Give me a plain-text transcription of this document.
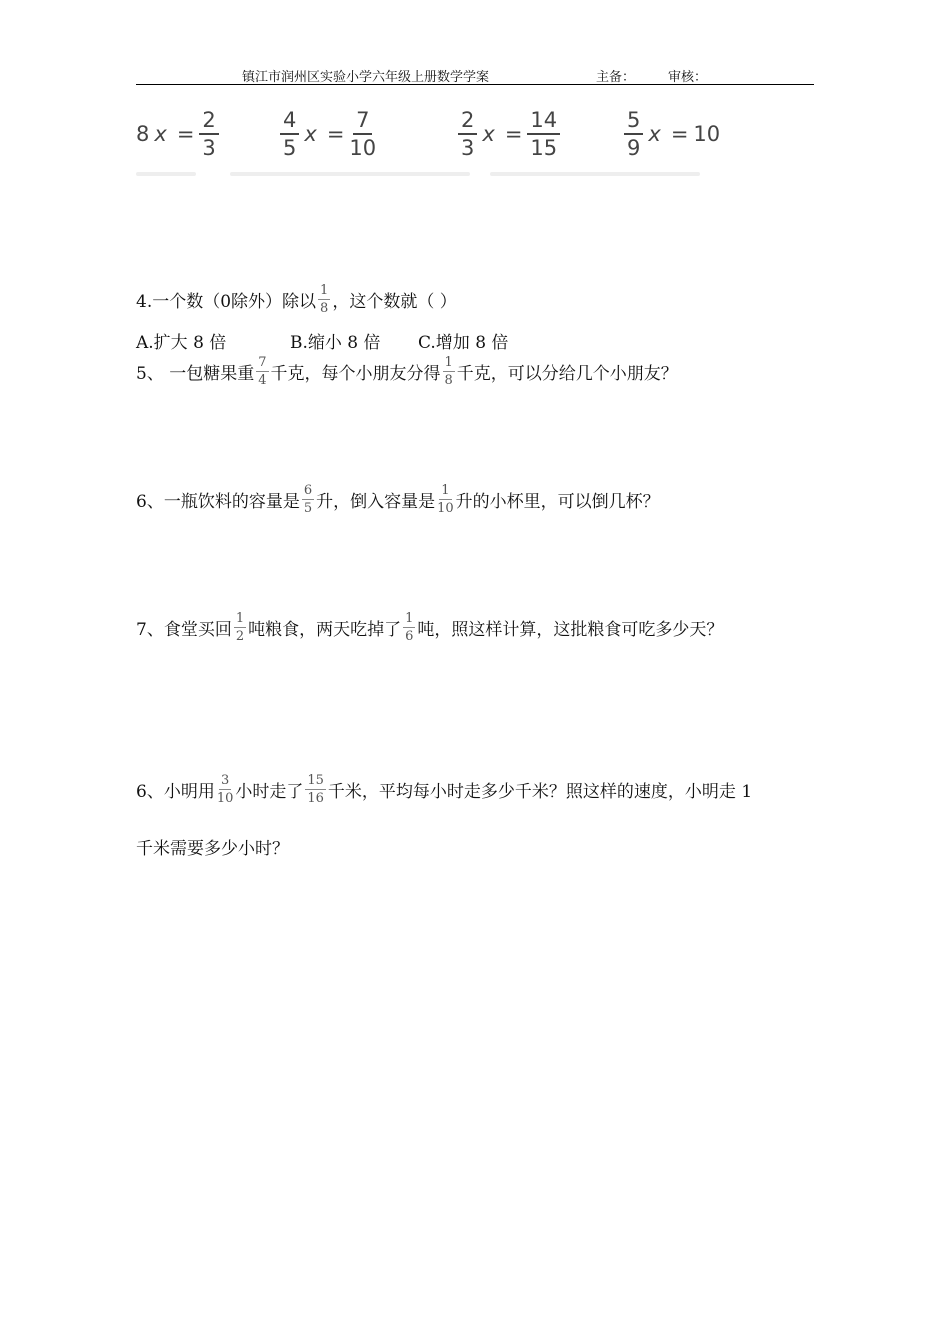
镇江市润州区实验小学六年级上册数学学案	主备：	审核：
8 $x = \frac{2}{3}$	$\frac{4}{5}$ $x = \frac{7}{10}$	$\frac{2}{3}$ $x = \frac{14}{15}$	$\frac{5}{9}$ x = 10
4.一个数（0除外）除以 $\frac{1}{8}$ ，这个数就（ ）
A.扩大 8 倍	B.缩小 8 倍 C.增加 8 倍
5、 一包糖果重 $\frac{7}{4}$ 千克，每个小朋友分得 $\frac{1}{8}$ 千克，可以分给几个小朋友？
6、一瓶饮料的容量是 $\frac{6}{5}$ 升，倒入容量是 $\frac{1}{10}$ 升的小杯里，可以倒几杯？
7、食堂买回 $\frac{1}{2}$ 吨粮食，两天吃掉了 $\frac{1}{6}$ 吨，照这样计算，这批粮食可吃多少天？
6、小明用 $\frac{3}{10}$ 小时走了 $\frac{15}{16}$ 千米，平均每小时走多少千米？照这样的速度，小明走 1
千米需要多少小时？
